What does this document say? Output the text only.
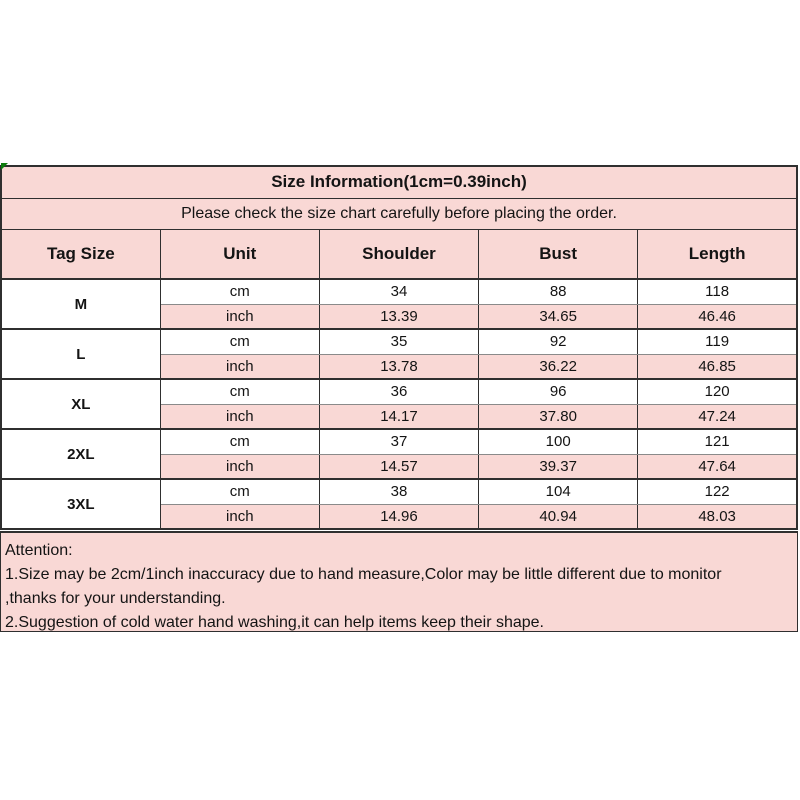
Size Information(1cm=0.39inch)				
Please check the size chart carefully before placing the order.				
Tag Size	Unit	Shoulder	Bust	Length
M	cm	34	88	118
	inch	13.39	34.65	46.46
L	cm	35	92	119
	inch	13.78	36.22	46.85
XL	cm	36	96	120
	inch	14.17	37.80	47.24
2XL	cm	37	100	121
	inch	14.57	39.37	47.64
3XL	cm	38	104	122
	inch	14.96	40.94	48.03
Attention:
1.Size may be 2cm/1inch inaccuracy due to hand measure,Color may be little different due to monitor
,thanks for your understanding.
2.Suggestion of cold water hand washing,it can help items keep their shape.
